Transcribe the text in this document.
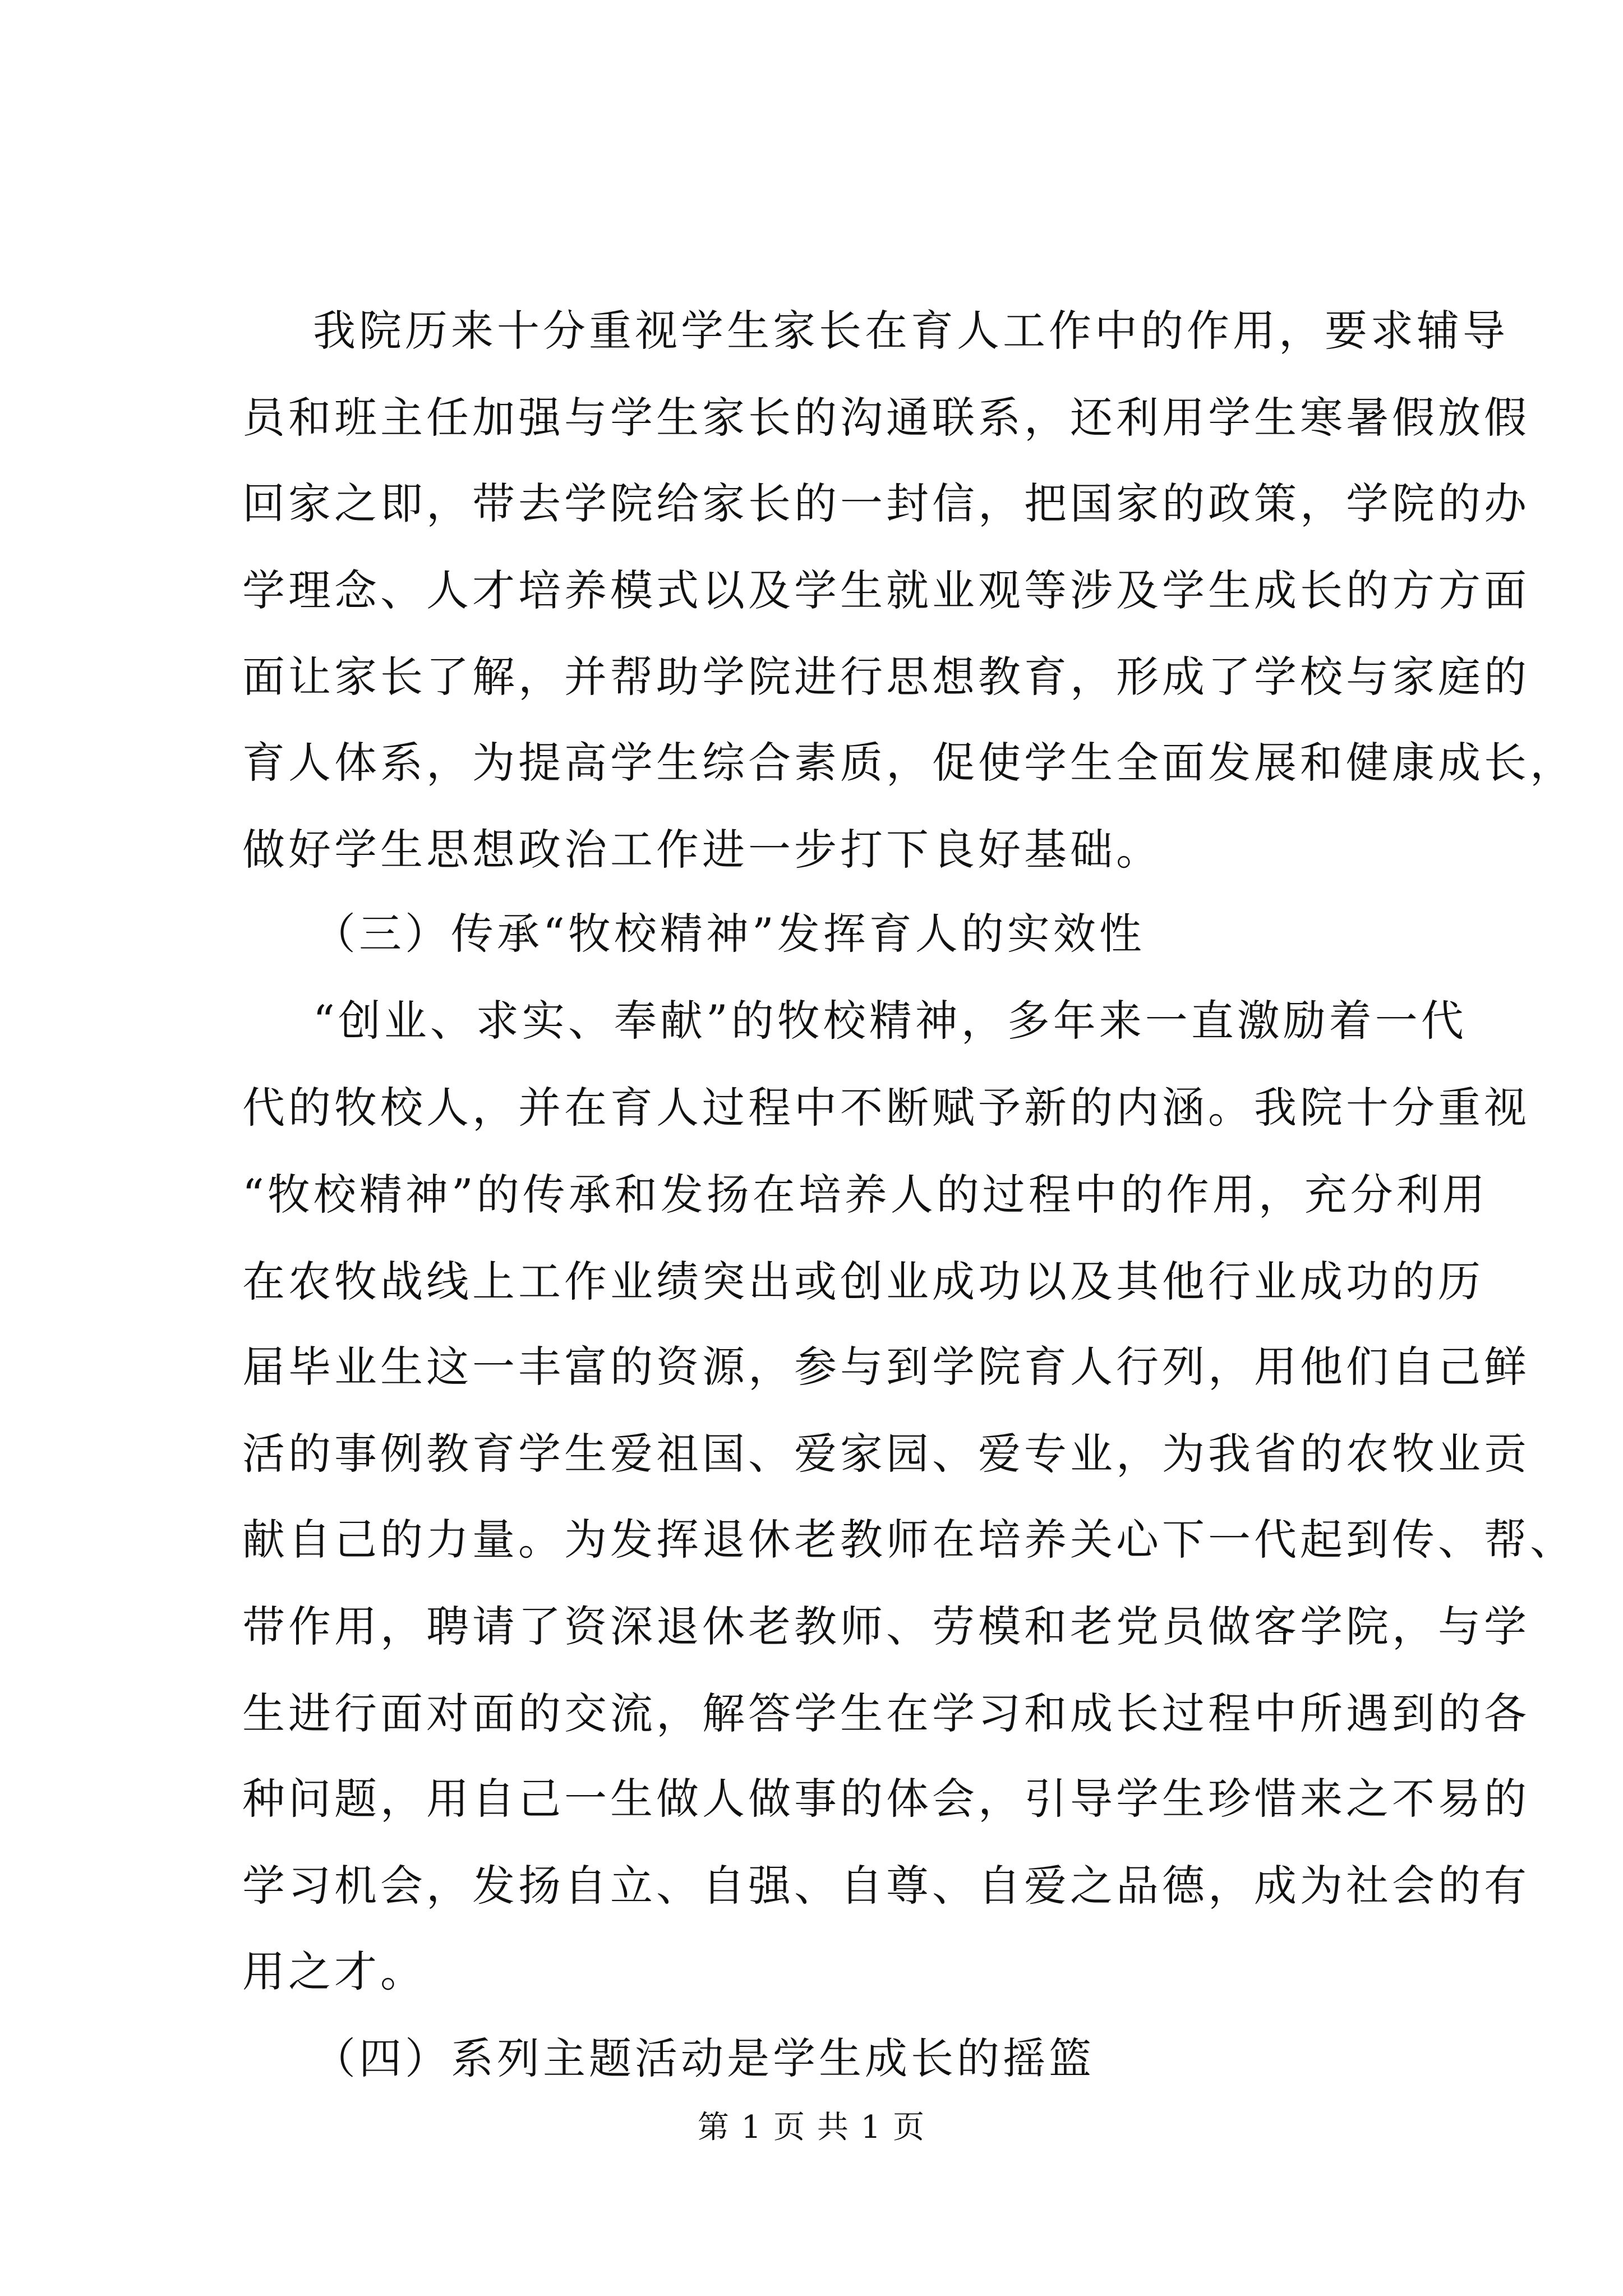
我院历来十分重视学生家长在育人工作中的作用，要求辅导
员和班主任加强与学生家长的沟通联系，还利用学生寒暑假放假
回家之即，带去学院给家长的一封信，把国家的政策，学院的办
学理念、人才培养模式以及学生就业观等涉及学生成长的方方面
面让家长了解，并帮助学院进行思想教育，形成了学校与家庭的
育人体系，为提高学生综合素质，促使学生全面发展和健康成长，
做好学生思想政治工作进一步打下良好基础。
（三）传承“牧校精神”发挥育人的实效性
“创业、求实、奉献”的牧校精神，多年来一直激励着一代
代的牧校人，并在育人过程中不断赋予新的内涵。我院十分重视
“牧校精神”的传承和发扬在培养人的过程中的作用，充分利用
在农牧战线上工作业绩突出或创业成功以及其他行业成功的历
届毕业生这一丰富的资源，参与到学院育人行列，用他们自己鲜
活的事例教育学生爱祖国、爱家园、爱专业，为我省的农牧业贡
献自己的力量。为发挥退休老教师在培养关心下一代起到传、帮、
带作用，聘请了资深退休老教师、劳模和老党员做客学院，与学
生进行面对面的交流，解答学生在学习和成长过程中所遇到的各
种问题，用自己一生做人做事的体会，引导学生珍惜来之不易的
学习机会，发扬自立、自强、自尊、自爱之品德，成为社会的有
用之才。
（四）系列主题活动是学生成长的摇篮
第 1 页 共 1 页
